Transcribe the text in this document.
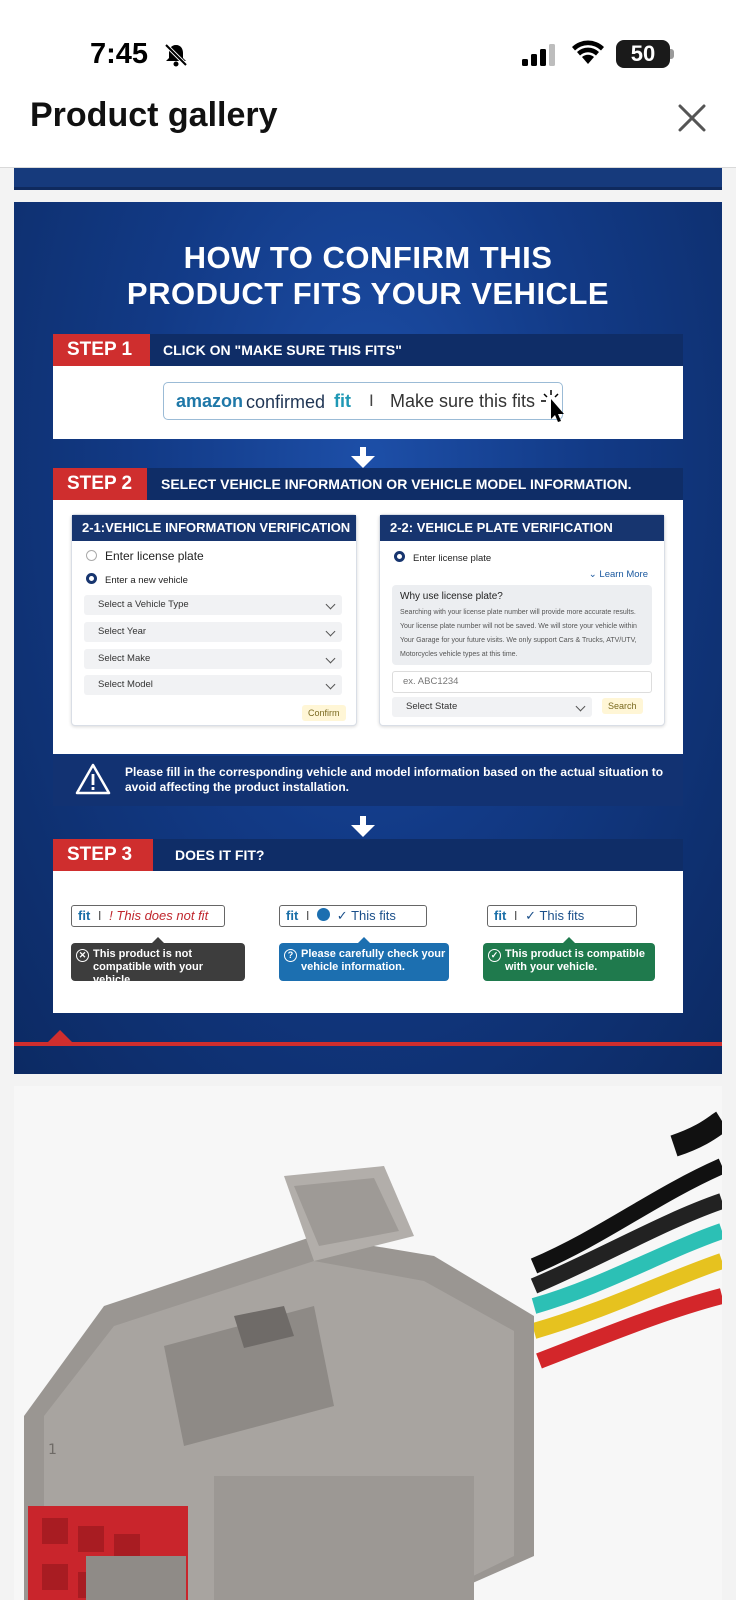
7:45	50
Product gallery
HOW TO CONFIRM THIS
PRODUCT FITS YOUR VEHICLE
STEP 1	CLICK ON "MAKE SURE THIS FITS"
amazon confirmed fit I Make sure this fits
STEP 2	SELECT VEHICLE INFORMATION OR VEHICLE MODEL INFORMATION.
2-1:VEHICLE INFORMATION VERIFICATION
Enter license plate
Enter a new vehicle
Select a Vehicle Type
Select Year
Select Make
Select Model
Confirm
2-2: VEHICLE PLATE VERIFICATION
Enter license plate
⌄ Learn More
Why use license plate?
Searching with your license plate number will provide more accurate results. Your license plate number will not be saved. We will store your vehicle within Your Garage for your future visits. We only support Cars & Trucks, ATV/UTV, Motorcycles vehicle types at this time.
ex. ABC1234
Select State	Search
Please fill in the corresponding vehicle and model information based on the actual situation to avoid affecting the product installation.
STEP 3	DOES IT FIT?
fit I ! This does not fit
✕ This product is not compatible with your vehicle.
fit I ✓ This fits
? Please carefully check your vehicle information.
fit I ✓ This fits
✓ This product is compatible with your vehicle.
1
